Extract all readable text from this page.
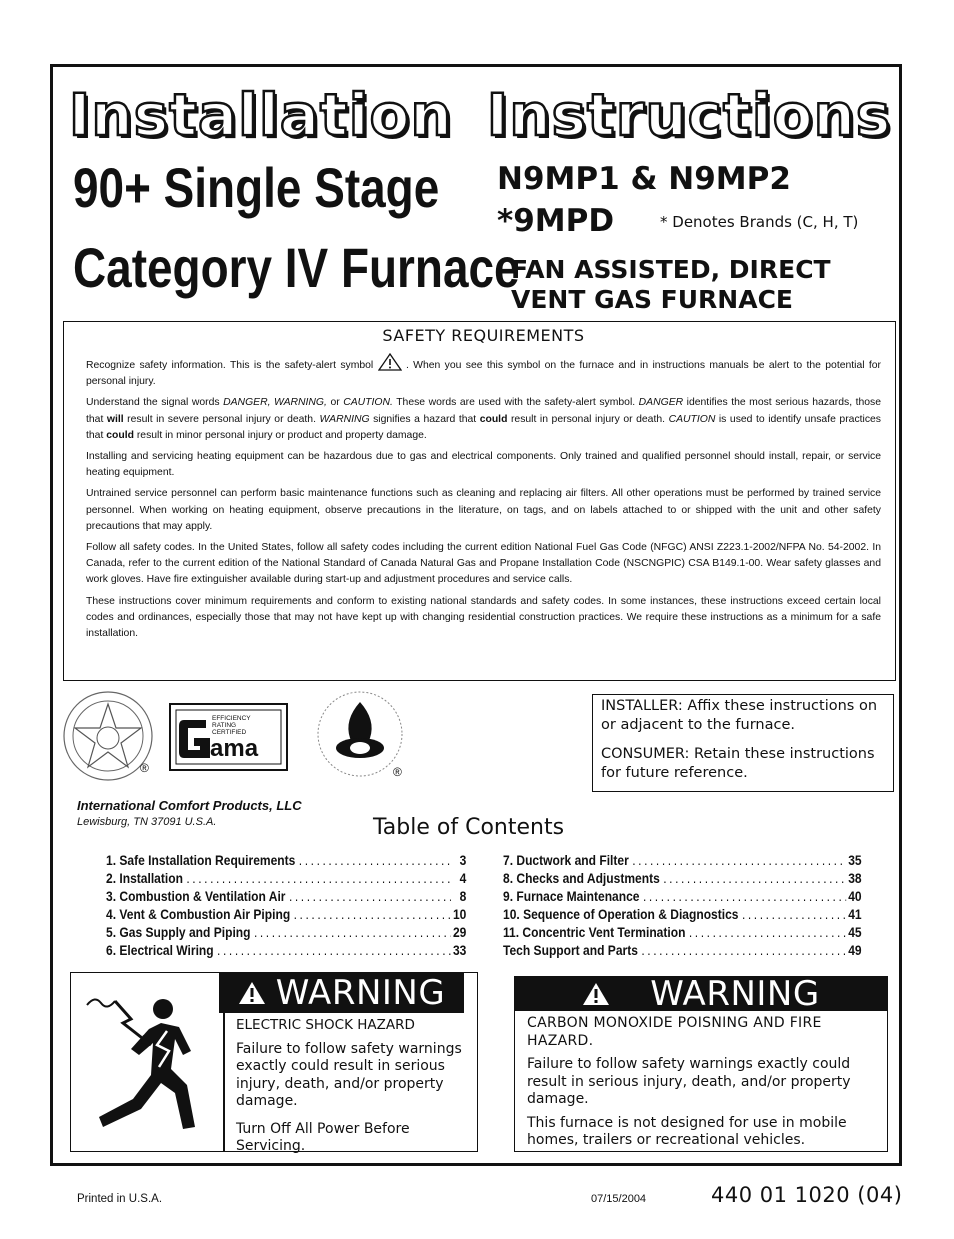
Installation Instructions
90+ Single Stage
Category IV Furnace
N9MP1 & N9MP2
*9MPD	* Denotes Brands (C, H, T)
FAN ASSISTED, DIRECT
VENT GAS FURNACE
SAFETY REQUIREMENTS

Recognize safety information. This is the safety-alert symbol	. When you see this symbol on the furnace and in instructions manuals be alert to the potential for personal injury.

Understand the signal words DANGER, WARNING, or CAUTION. These words are used with the safety-alert symbol. DANGER identifies the most serious hazards, those that will result in severe personal injury or death. WARNING signifies a hazard that could result in personal injury or death. CAUTION is used to identify unsafe practices that could result in minor personal injury or product and property damage.

Installing and servicing heating equipment can be hazardous due to gas and electrical components. Only trained and qualified personnel should install, repair, or service heating equipment.

Untrained service personnel can perform basic maintenance functions such as cleaning and replacing air filters. All other operations must be performed by trained service personnel. When working on heating equipment, observe precautions in the literature, on tags, and on labels attached to or shipped with the unit and other safety precautions that may apply.

Follow all safety codes. In the United States, follow all safety codes including the current edition National Fuel Gas Code (NFGC) ANSI Z223.1-2002/NFPA No. 54-2002. In Canada, refer to the current edition of the National Standard of Canada Natural Gas and Propane Installation Code (NSCNGPIC) CSA B149.1-00. Wear safety glasses and work gloves. Have fire extinguisher available during start-up and adjustment procedures and service calls.

These instructions cover minimum requirements and conform to existing national standards and safety codes. In some instances, these instructions exceed certain local codes and ordinances, especially those that may not have kept up with changing residential construction practices. We require these instructions as a minimum for a safe installation.

®
EFFICIENCY
RATING
CERTIFIED
ama
®

INSTALLER: Affix these instructions on or adjacent to the furnace.

CONSUMER: Retain these instructions for future reference.

International Comfort Products, LLC
Lewisburg, TN 37091 U.S.A.	Table of Contents
1. Safe Installation Requirements .....	3
2. Installation .....	4
3. Combustion & Ventilation Air .....	8
4. Vent & Combustion Air Piping .....	10
5. Gas Supply and Piping .....	29
6. Electrical Wiring .....	33
7. Ductwork and Filter .....	35
8. Checks and Adjustments .....	38
9. Furnace Maintenance .....	40
10. Sequence of Operation & Diagnostics .....	41
11. Concentric Vent Termination .....	45
Tech Support and Parts .....	49
WARNING

ELECTRIC SHOCK HAZARD

Failure to follow safety warnings exactly could result in serious injury, death, and/or property damage.

Turn Off All Power Before Servicing.

WARNING

CARBON MONOXIDE POISNING AND FIRE HAZARD.

Failure to follow safety warnings exactly could result in serious injury, death, and/or property damage.

This furnace is not designed for use in mobile homes, trailers or recreational vehicles.

Printed in U.S.A.	07/15/2004	440 01 1020 (04)
